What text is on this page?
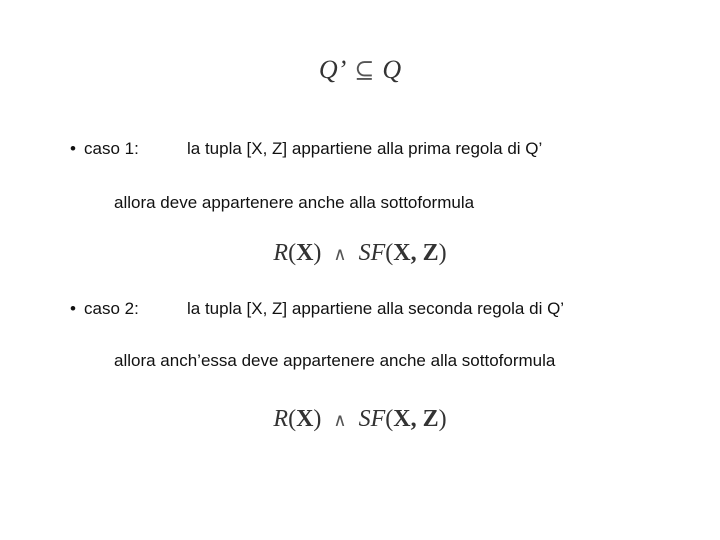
Q’ ⊆ Q
• caso 1:	la tupla [X, Z] appartiene alla prima regola di Q’
allora deve appartenere anche alla sottoformula
R(X) ∧ SF(X, Z)
• caso 2:	la tupla [X, Z] appartiene alla seconda regola di Q’
allora anch’essa deve appartenere anche alla sottoformula
R(X) ∧ SF(X, Z)
